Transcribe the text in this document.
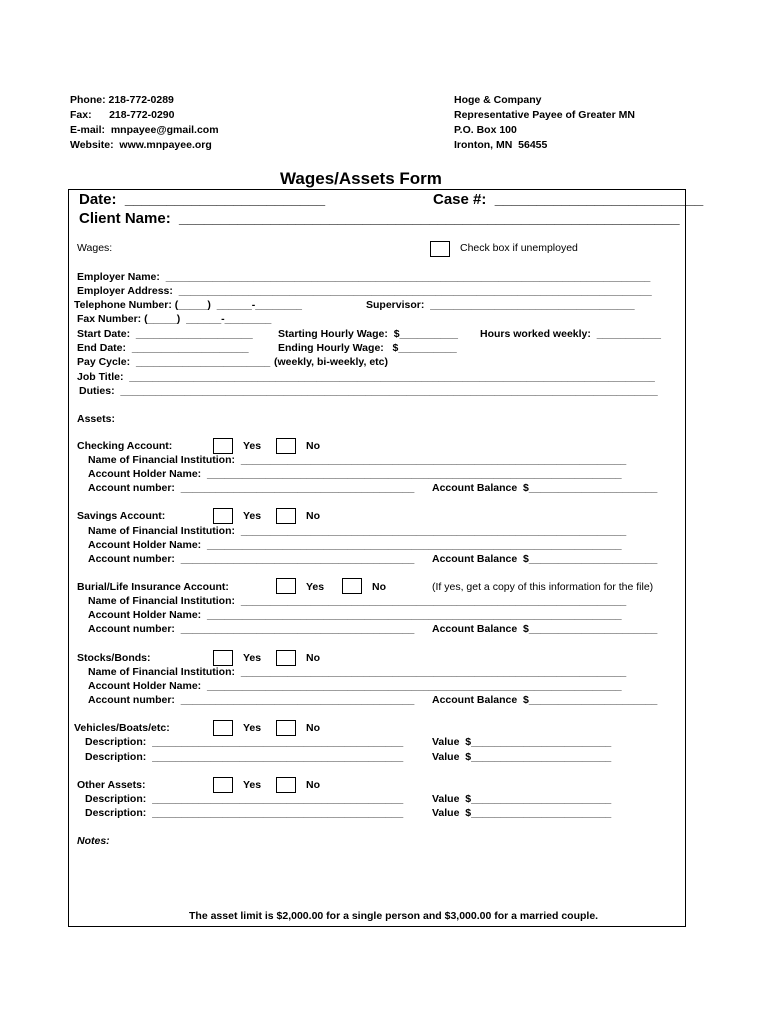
Phone: 218-772-0289
Fax:      218-772-0290
E-mail:  mnpayee@gmail.com
Website:  www.mnpayee.org
Hoge & Company
Representative Payee of Greater MN
P.O. Box 100
Ironton, MN  56455
Wages/Assets Form
Date:  ________________________	Case #:  _________________________
Client Name:  ____________________________________________________________
Wages:	Check box if unemployed
Employer Name:  ___________________________________________________________________________________
Employer Address:  _________________________________________________________________________________
Telephone Number: (_____)  ______-________	Supervisor:  ___________________________________
Fax Number: (_____)  ______-________
Start Date:  ____________________ Starting Hourly Wage:  $__________ Hours worked weekly:  ___________
End Date:  ____________________	Ending Hourly Wage:   $__________
Pay Cycle:  _______________________ (weekly, bi-weekly, etc)
Job Title:  __________________________________________________________________________________________
Duties:  ____________________________________________________________________________________________
Assets:
Checking Account:	Yes	No
Name of Financial Institution:  __________________________________________________________________
Account Holder Name:  _______________________________________________________________________
Account number:  ________________________________________ Account Balance  $______________________
Savings Account:	Yes	No
Name of Financial Institution:  __________________________________________________________________
Account Holder Name:  _______________________________________________________________________
Account number:  ________________________________________ Account Balance  $______________________
Burial/Life Insurance Account:	Yes	No	(If yes, get a copy of this information for the file)
Name of Financial Institution:  __________________________________________________________________
Account Holder Name:  _______________________________________________________________________
Account number:  ________________________________________ Account Balance  $______________________
Stocks/Bonds:	Yes	No
Name of Financial Institution:  __________________________________________________________________
Account Holder Name:  _______________________________________________________________________
Account number:  ________________________________________ Account Balance  $______________________
Vehicles/Boats/etc:	Yes	No
Description:  ___________________________________________	Value  $________________________
Description:  ___________________________________________	Value  $________________________
Other Assets:	Yes	No
Description:  ___________________________________________	Value  $________________________
Description:  ___________________________________________	Value  $________________________
Notes:
The asset limit is $2,000.00 for a single person and $3,000.00 for a married couple.
